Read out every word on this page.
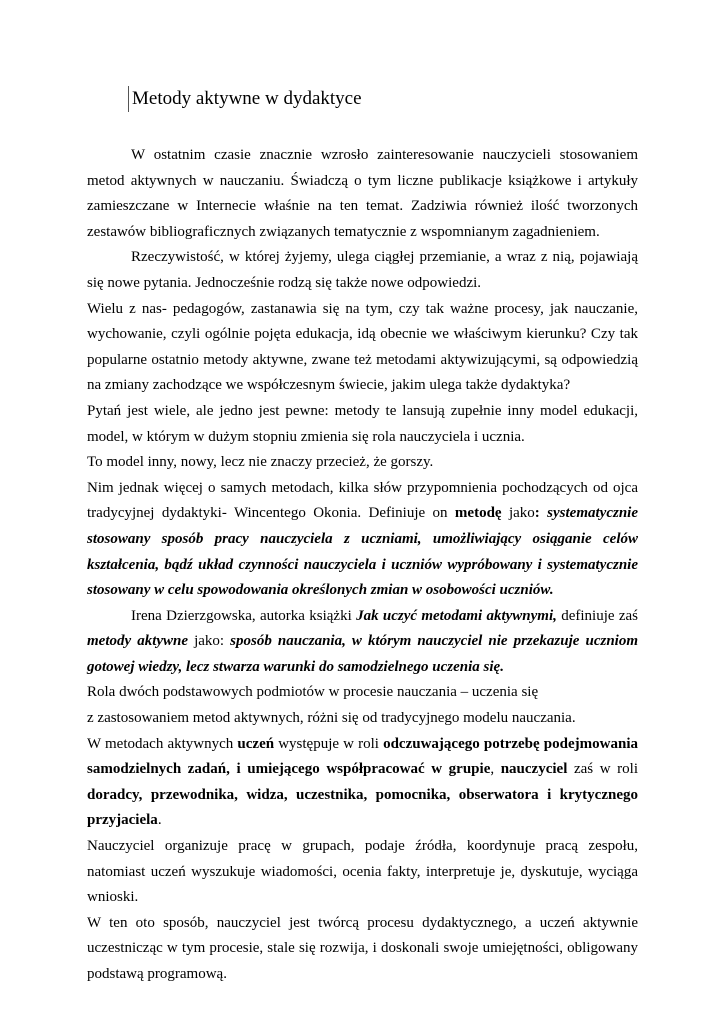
Metody aktywne w dydaktyce

W ostatnim czasie znacznie wzrosło zainteresowanie nauczycieli stosowaniem metod aktywnych w nauczaniu. Świadczą o tym liczne publikacje książkowe i artykuły zamieszczane w Internecie właśnie na ten temat. Zadziwia również ilość tworzonych zestawów bibliograficznych związanych tematycznie z wspomnianym zagadnieniem.

Rzeczywistość, w której żyjemy, ulega ciągłej przemianie, a wraz z nią, pojawiają się nowe pytania. Jednocześnie rodzą się także nowe odpowiedzi.

Wielu z nas- pedagogów, zastanawia się na tym, czy tak ważne procesy, jak nauczanie, wychowanie, czyli ogólnie pojęta edukacja, idą obecnie we właściwym kierunku? Czy tak popularne ostatnio metody aktywne, zwane też metodami aktywizującymi, są odpowiedzią na zmiany zachodzące we współczesnym świecie, jakim ulega także dydaktyka?

Pytań jest wiele, ale jedno jest pewne: metody te lansują zupełnie inny model edukacji, model, w którym w dużym stopniu zmienia się rola nauczyciela i ucznia.

To model inny, nowy, lecz nie znaczy przecież, że gorszy.

Nim jednak więcej o samych metodach, kilka słów przypomnienia pochodzących od ojca tradycyjnej dydaktyki- Wincentego Okonia. Definiuje on metodę jako: systematycznie stosowany sposób pracy nauczyciela z uczniami, umożliwiający osiąganie celów kształcenia, bądź układ czynności nauczyciela i uczniów wypróbowany i systematycznie stosowany w celu spowodowania określonych zmian w osobowości uczniów.

Irena Dzierzgowska, autorka książki Jak uczyć metodami aktywnymi, definiuje zaś metody aktywne jako: sposób nauczania, w którym nauczyciel nie przekazuje uczniom gotowej wiedzy, lecz stwarza warunki do samodzielnego uczenia się.

Rola dwóch podstawowych podmiotów w procesie nauczania – uczenia się

z zastosowaniem metod aktywnych, różni się od tradycyjnego modelu nauczania.

W metodach aktywnych uczeń występuje w roli odczuwającego potrzebę podejmowania samodzielnych zadań, i umiejącego współpracować w grupie, nauczyciel zaś w roli doradcy, przewodnika, widza, uczestnika, pomocnika, obserwatora i krytycznego przyjaciela.

Nauczyciel organizuje pracę w grupach, podaje źródła, koordynuje pracą zespołu, natomiast uczeń wyszukuje wiadomości, ocenia fakty, interpretuje je, dyskutuje, wyciąga wnioski.

W ten oto sposób, nauczyciel jest twórcą procesu dydaktycznego, a uczeń aktywnie uczestnicząc w tym procesie, stale się rozwija, i doskonali swoje umiejętności, obligowany podstawą programową.
